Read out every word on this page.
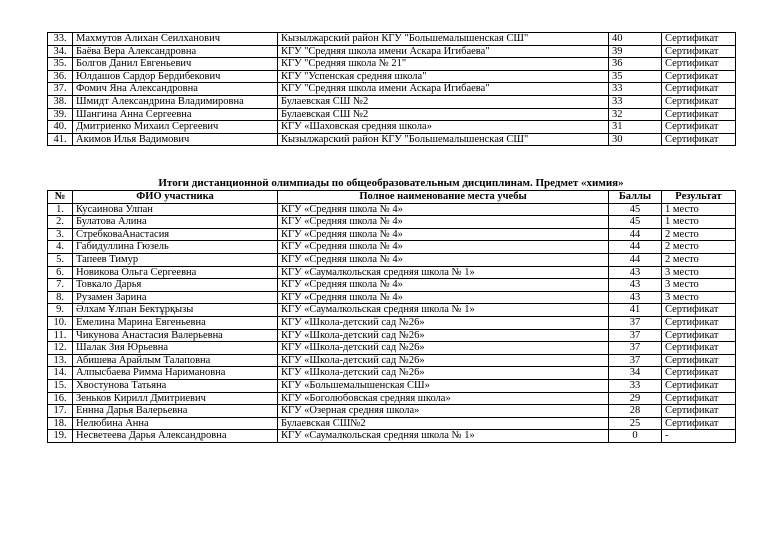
33.	Махмутов Алихан Сеилханович	Кызылжарский район КГУ "Большемалышенская СШ"	40	Сертификат
34.	Баёва Вера Александровна	КГУ "Средняя школа имени Аскара Игибаева"	39	Сертификат
35.	Болгов Данил Евгеньевич	КГУ "Средняя школа № 21"	36	Сертификат
36.	Юлдашов Сардор Бердибекович	КГУ "Успенская средняя школа"	35	Сертификат
37.	Фомич Яна Александровна	КГУ "Средняя школа имени Аскара Игибаева"	33	Сертификат
38.	Шмидт Александрина Владимировна	Булаевская СШ №2	33	Сертификат
39.	Шангина Анна Сергеевна	Булаевская СШ №2	32	Сертификат
40.	Дмитриенко Михаил Сергеевич	КГУ «Шаховская средняя школа»	31	Сертификат
41.	Акимов Илья Вадимович	Кызылжарский район КГУ "Большемалышенская СШ"	30	Сертификат
Итоги дистанционной олимпиады по общеобразовательным дисциплинам. Предмет «химия»
№	ФИО участника	Полное наименование места учебы	Баллы	Результат
1.	Кусаинова Улпан	КГУ «Средняя школа № 4»	45	1 место
2.	Булатова Алина	КГУ «Средняя школа № 4»	45	1 место
3.	СтребковаАнастасия	КГУ «Средняя школа № 4»	44	2 место
4.	Габидуллина Гюзель	КГУ «Средняя школа № 4»	44	2 место
5.	Тапеев Тимур	КГУ «Средняя школа № 4»	44	2 место
6.	Новикова Ольга Сергеевна	КГУ «Саумалкольская средняя школа № 1»	43	3 место
7.	Товкало Дарья	КГУ «Средняя школа № 4»	43	3 место
8.	Рузамен Зарина	КГУ «Средняя школа № 4»	43	3 место
9.	Әлхам Ұлпан Бектұрқызы	КГУ «Саумалкольская средняя школа № 1»	41	Сертификат
10.	Емелина Марина Евгеньевна	КГУ «Школа-детский сад №26»	37	Сертификат
11.	Чикунова Анастасия Валерьевна	КГУ «Школа-детский сад №26»	37	Сертификат
12.	Шалак Зия Юрьевна	КГУ «Школа-детский сад №26»	37	Сертификат
13.	Абишева Арайлым Талаповна	КГУ «Школа-детский сад №26»	37	Сертификат
14.	Алпысбаева Римма Наримановна	КГУ «Школа-детский сад №26»	34	Сертификат
15.	Хвостунова Татьяна	КГУ «Большемалышенская СШ»	33	Сертификат
16.	Зеньков Кирилл Дмитриевич	КГУ «Боголюбовская средняя школа»	29	Сертификат
17.	Еннна Дарья Валерьевна	КГУ «Озерная средняя школа»	28	Сертификат
18.	Нелюбина Анна	Булаевская СШ№2	25	Сертификат
19.	Несветеева Дарья Александровна	КГУ «Саумалкольская средняя школа № 1»	0	-
